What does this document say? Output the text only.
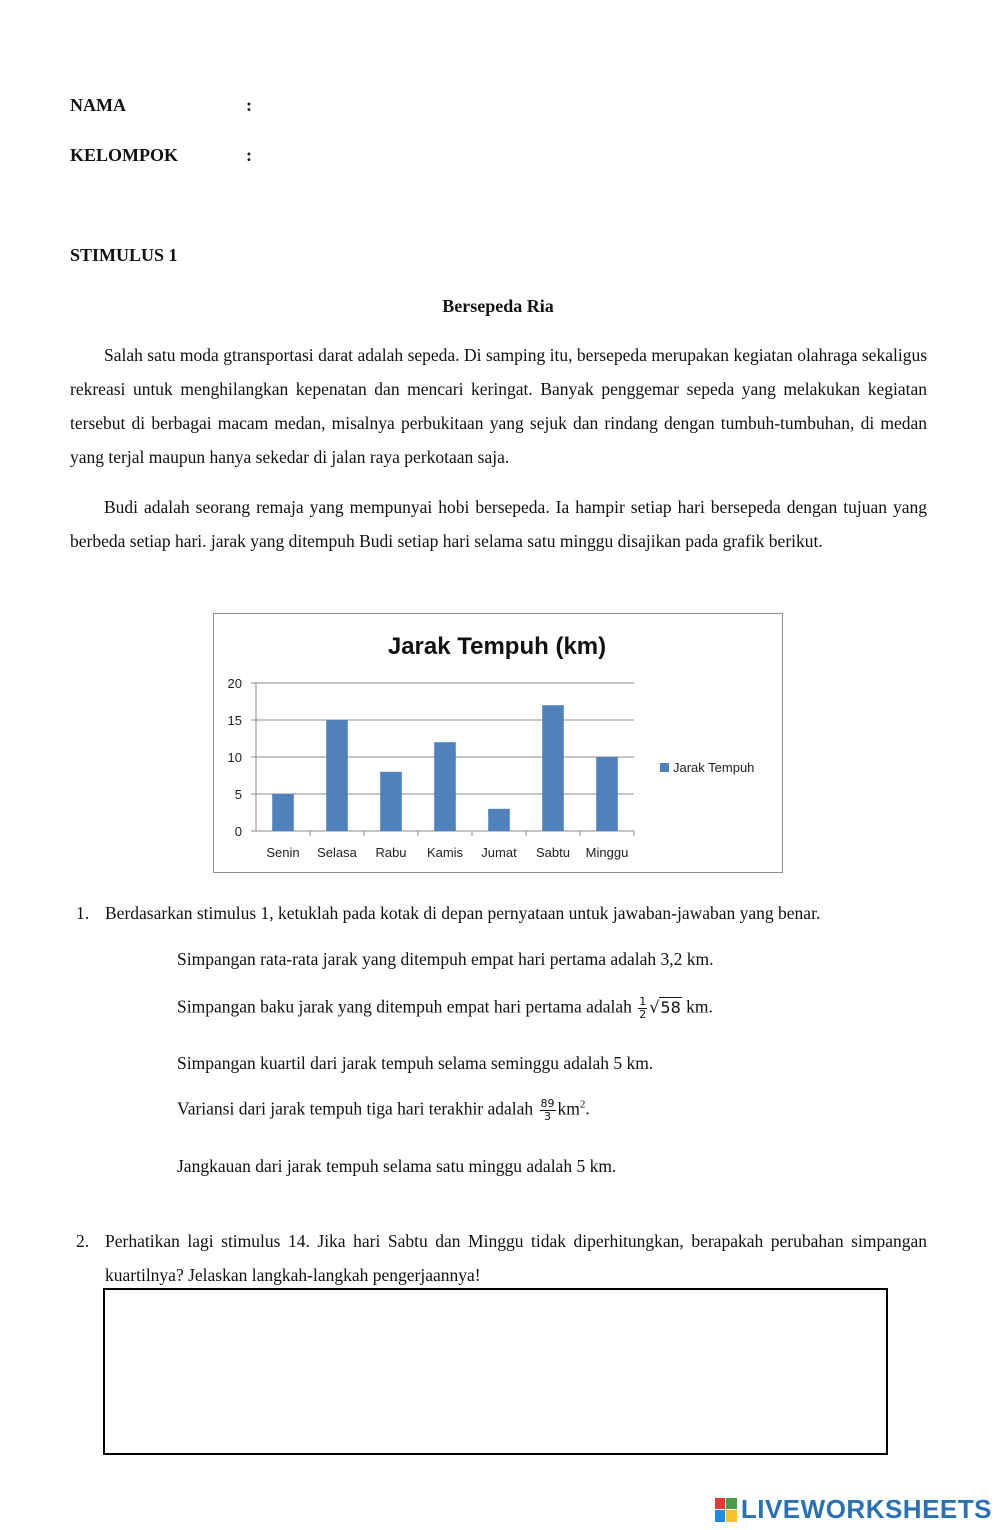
NAMA	:
KELOMPOK	:
STIMULUS 1
Bersepeda Ria

Salah satu moda gtransportasi darat adalah sepeda. Di samping itu, bersepeda merupakan kegiatan olahraga sekaligus rekreasi untuk menghilangkan kepenatan dan mencari keringat. Banyak penggemar sepeda yang melakukan kegiatan tersebut di berbagai macam medan, misalnya perbukitaan yang sejuk dan rindang dengan tumbuh-tumbuhan, di medan yang terjal maupun hanya sekedar di jalan raya perkotaan saja.

Budi adalah seorang remaja yang mempunyai hobi bersepeda. Ia hampir setiap hari bersepeda dengan tujuan yang berbeda setiap hari. jarak yang ditempuh Budi setiap hari selama satu minggu disajikan pada grafik berikut.

Jarak Tempuh (km)
0
5
10
15
20
Senin Selasa Rabu Kamis Jumat Sabtu Minggu
Jarak Tempuh
1. Berdasarkan stimulus 1, ketuklah pada kotak di depan pernyataan untuk jawaban-jawaban yang benar.
Simpangan rata-rata jarak yang ditempuh empat hari pertama adalah 3,2 km.
Simpangan baku jarak yang ditempuh empat hari pertama adalah $\frac{1}{2} √58$ km.
Simpangan kuartil dari jarak tempuh selama seminggu adalah 5 km.
Variansi dari jarak tempuh tiga hari terakhir adalah $\frac{89}{3} km^2$.
Jangkauan dari jarak tempuh selama satu minggu adalah 5 km.
2. Perhatikan lagi stimulus 14. Jika hari Sabtu dan Minggu tidak diperhitungkan, berapakah perubahan simpangan kuartilnya? Jelaskan langkah-langkah pengerjaannya!
LIVEWORKSHEETS
